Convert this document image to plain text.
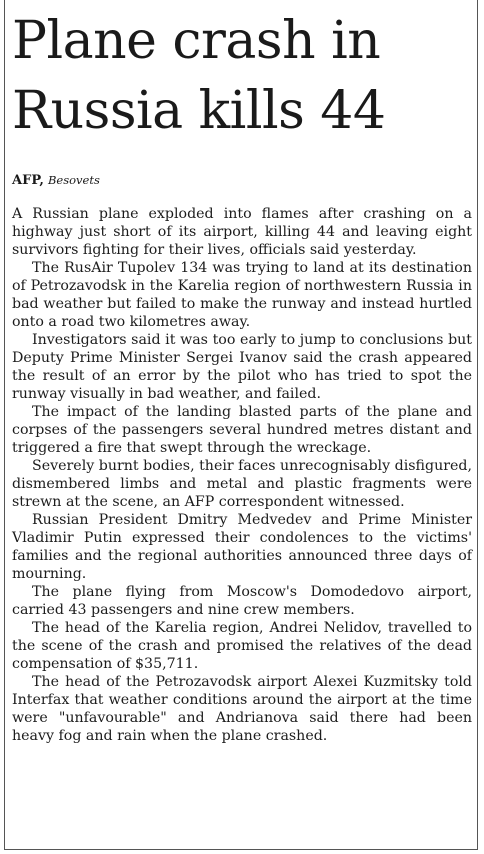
Plane crash in Russia kills 44
AFP, Besovets

A Russian plane exploded into flames after crashing on a highway just short of its airport, killing 44 and leaving eight survivors fighting for their lives, officials said yesterday.

The RusAir Tupolev 134 was trying to land at its destination of Petrozavodsk in the Karelia region of northwestern Russia in bad weather but failed to make the runway and instead hurtled onto a road two kilometres away.

Investigators said it was too early to jump to conclusions but Deputy Prime Minister Sergei Ivanov said the crash appeared the result of an error by the pilot who has tried to spot the runway visually in bad weather, and failed.

The impact of the landing blasted parts of the plane and corpses of the passengers several hundred metres distant and triggered a fire that swept through the wreckage.

Severely burnt bodies, their faces unrecognisably disfigured, dismembered limbs and metal and plastic fragments were strewn at the scene, an AFP correspondent witnessed.

Russian President Dmitry Medvedev and Prime Minister Vladimir Putin expressed their condolences to the victims' families and the regional authorities announced three days of mourning.

The plane flying from Moscow's Domodedovo airport, carried 43 passengers and nine crew members.

The head of the Karelia region, Andrei Nelidov, travelled to the scene of the crash and promised the relatives of the dead compensation of $35,711.

The head of the Petrozavodsk airport Alexei Kuzmitsky told Interfax that weather conditions around the airport at the time were "unfavourable" and Andrianova said there had been heavy fog and rain when the plane crashed.
